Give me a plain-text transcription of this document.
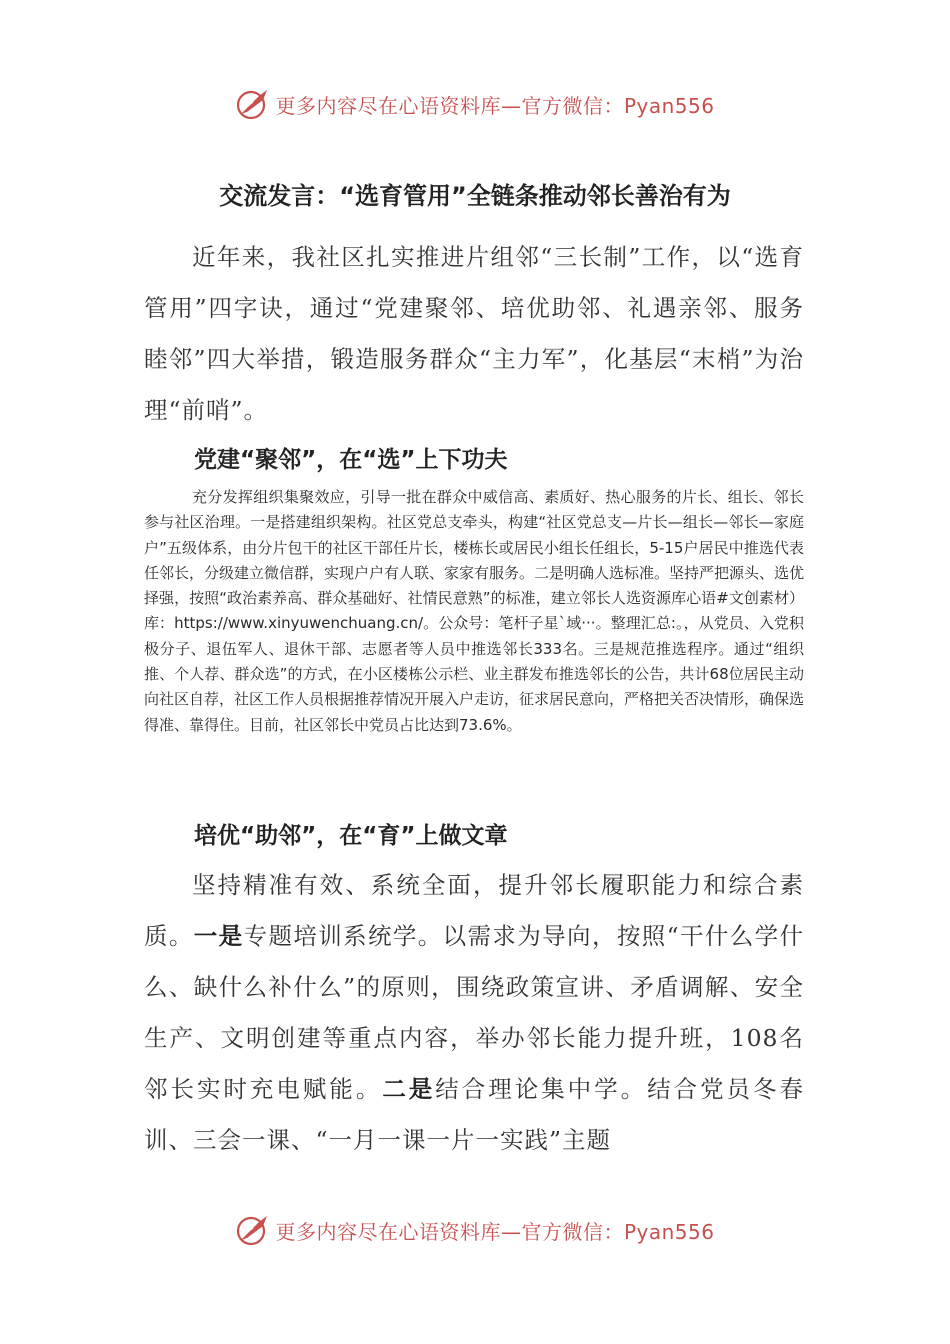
更多内容尽在心语资料库—官方微信：Pyan556
交流发言：“选育管用”全链条推动邻长善治有为
近年来，我社区扎实推进片组邻“三长制”工作，以“选育管用”四字诀，通过“党建聚邻、培优助邻、礼遇亲邻、服务睦邻”四大举措，锻造服务群众“主力军”，化基层“末梢”为治理“前哨”。
党建“聚邻”，在“选”上下功夫
充分发挥组织集聚效应，引导一批在群众中威信高、素质好、热心服务的片长、组长、邻长参与社区治理。一是搭建组织架构。社区党总支牵头，构建“社区党总支—片长—组长—邻长—家庭户”五级体系，由分片包干的社区干部任片长，楼栋长或居民小组长任组长，5-15户居民中推选代表任邻长，分级建立微信群，实现户户有人联、家家有服务。二是明确人选标准。坚持严把源头、选优择强，按照“政治素养高、群众基础好、社情民意熟”的标准，建立邻长人选资源库心语#文创素材）库：https://www.xinyuwenchuang.cn/。公众号：笔杆子星`域···。整理汇总:。，从党员、入党积极分子、退伍军人、退休干部、志愿者等人员中推选邻长333名。三是规范推选程序。通过“组织推、个人荐、群众选”的方式，在小区楼栋公示栏、业主群发布推选邻长的公告，共计68位居民主动向社区自荐，社区工作人员根据推荐情况开展入户走访，征求居民意向，严格把关否决情形，确保选得准、靠得住。目前，社区邻长中党员占比达到73.6%。
培优“助邻”，在“育”上做文章
坚持精准有效、系统全面，提升邻长履职能力和综合素质。一是专题培训系统学。以需求为导向，按照“干什么学什么、缺什么补什么”的原则，围绕政策宣讲、矛盾调解、安全生产、文明创建等重点内容，举办邻长能力提升班，108名邻长实时充电赋能。二是结合理论集中学。结合党员冬春训、三会一课、“一月一课一片一实践”主题
更多内容尽在心语资料库—官方微信：Pyan556
